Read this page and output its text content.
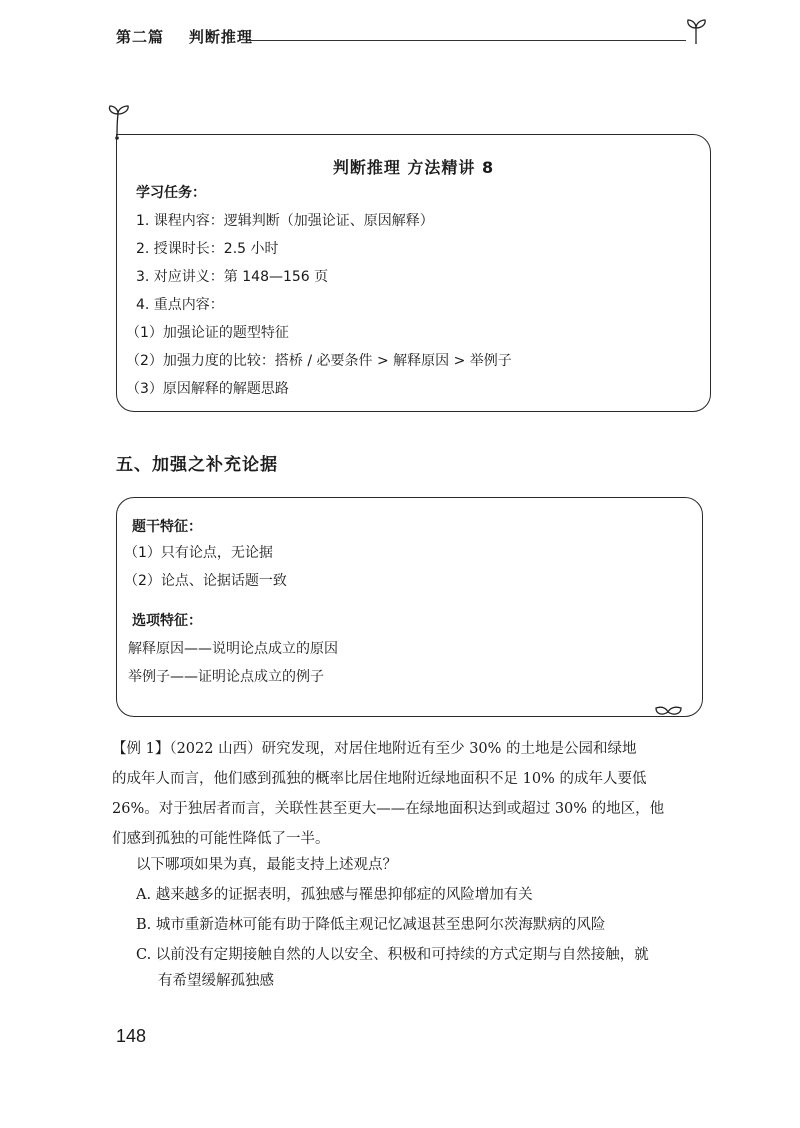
第二篇    判断推理
判断推理 方法精讲 8
学习任务：
1. 课程内容：逻辑判断（加强论证、原因解释）
2. 授课时长：2.5 小时
3. 对应讲义：第 148—156 页
4. 重点内容：
（1）加强论证的题型特征
（2）加强力度的比较：搭桥 / 必要条件 > 解释原因 > 举例子
（3）原因解释的解题思路
五、加强之补充论据
题干特征：
（1）只有论点，无论据
（2）论点、论据话题一致
选项特征：
解释原因——说明论点成立的原因
举例子——证明论点成立的例子
【例 1】（2022 山西）研究发现，对居住地附近有至少 30% 的土地是公园和绿地
的成年人而言，他们感到孤独的概率比居住地附近绿地面积不足 10% 的成年人要低
26%。对于独居者而言，关联性甚至更大——在绿地面积达到或超过 30% 的地区，他
们感到孤独的可能性降低了一半。
以下哪项如果为真，最能支持上述观点？
A. 越来越多的证据表明，孤独感与罹患抑郁症的风险增加有关
B. 城市重新造林可能有助于降低主观记忆减退甚至患阿尔茨海默病的风险
C. 以前没有定期接触自然的人以安全、积极和可持续的方式定期与自然接触，就
有希望缓解孤独感
148
